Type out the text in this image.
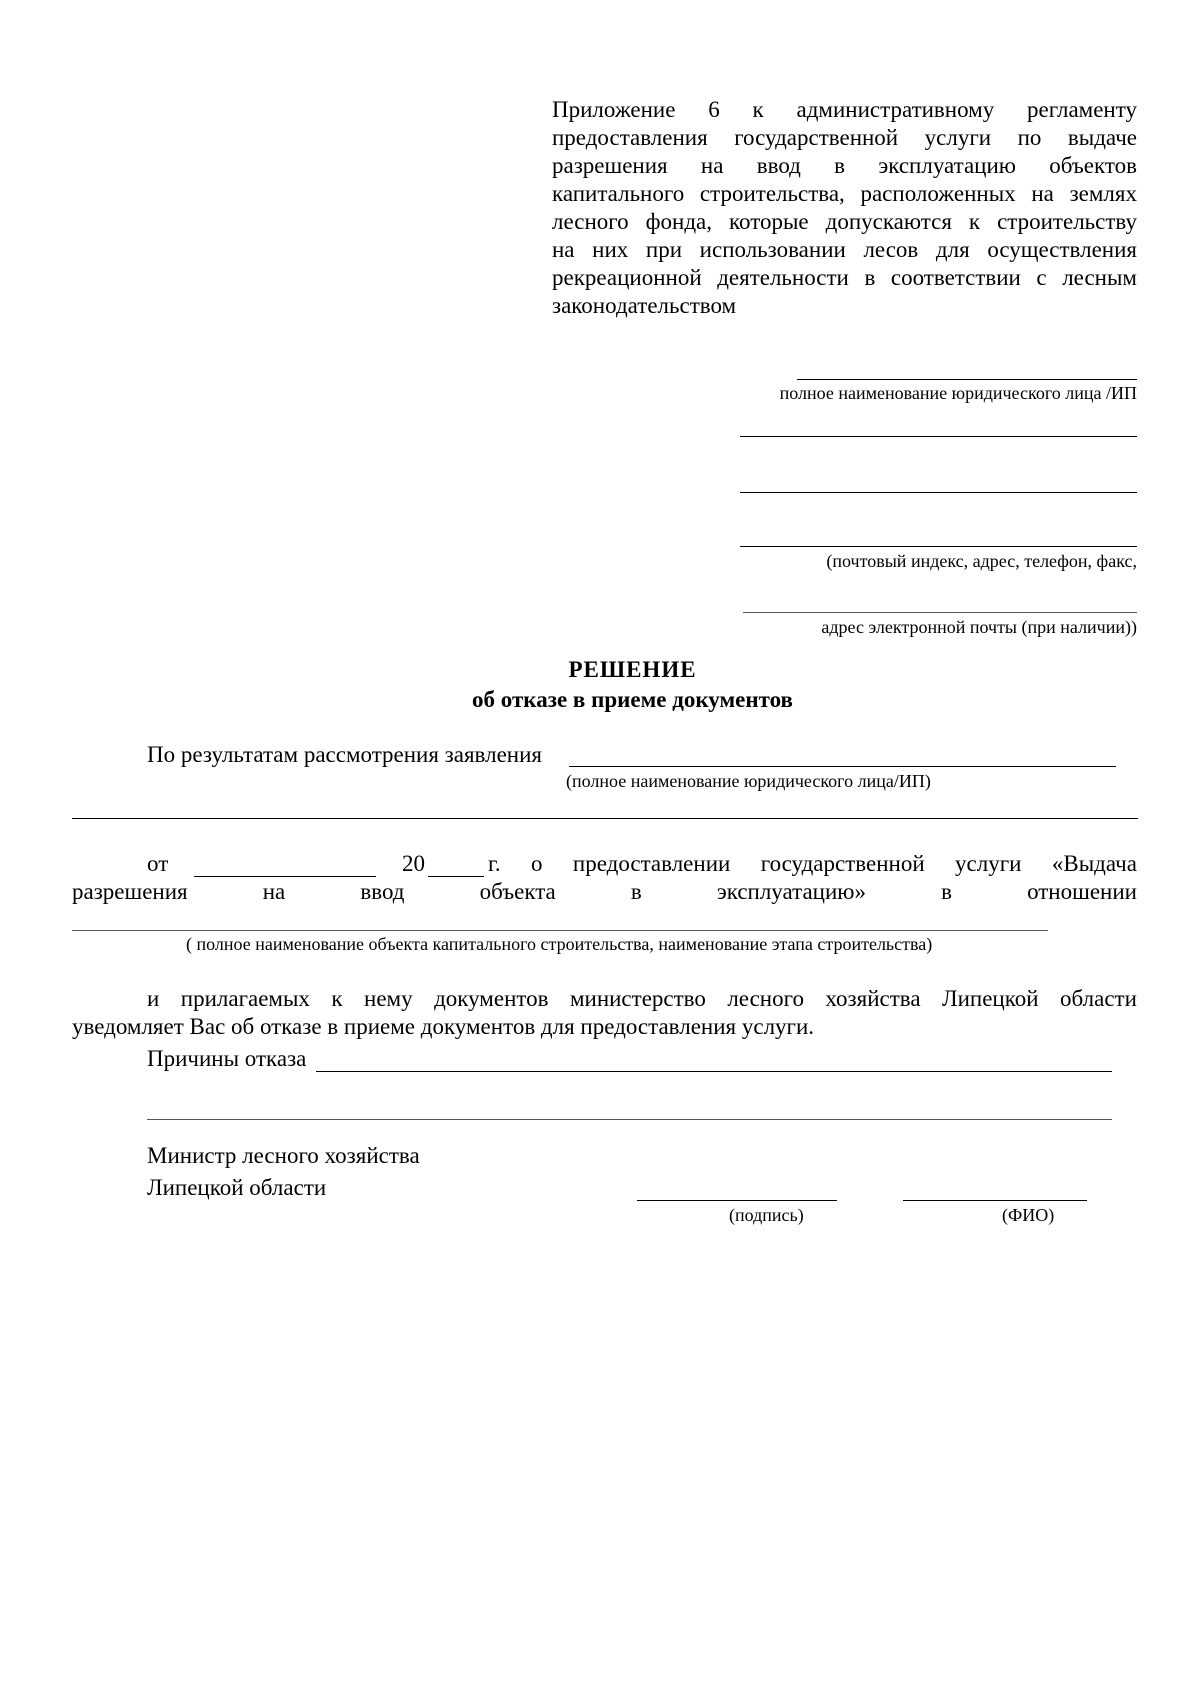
Приложение 6 к административному регламенту
предоставления государственной услуги по выдаче
разрешения на ввод в эксплуатацию объектов
капитального строительства, расположенных на землях
лесного фонда, которые допускаются к строительству
на них при использовании лесов для осуществления
рекреационной деятельности в соответствии с лесным
законодательством
полное наименование юридического лица /ИП
(почтовый индекс, адрес, телефон, факс,
адрес электронной почты (при наличии))
РЕШЕНИЕ
об отказе в приеме документов
По результатам рассмотрения заявления
(полное наименование юридического лица/ИП)
от	20	г. о предоставлении государственной услуги «Выдача
разрешения	на	ввод	объекта	в	эксплуатацию»	в	отношении
( полное наименование объекта капитального строительства, наименование этапа строительства)
и прилагаемых к нему документов министерство лесного хозяйства Липецкой области
уведомляет Вас об отказе в приеме документов для предоставления услуги.
Причины отказа
Министр лесного хозяйства
Липецкой области
(подпись)	(ФИО)
